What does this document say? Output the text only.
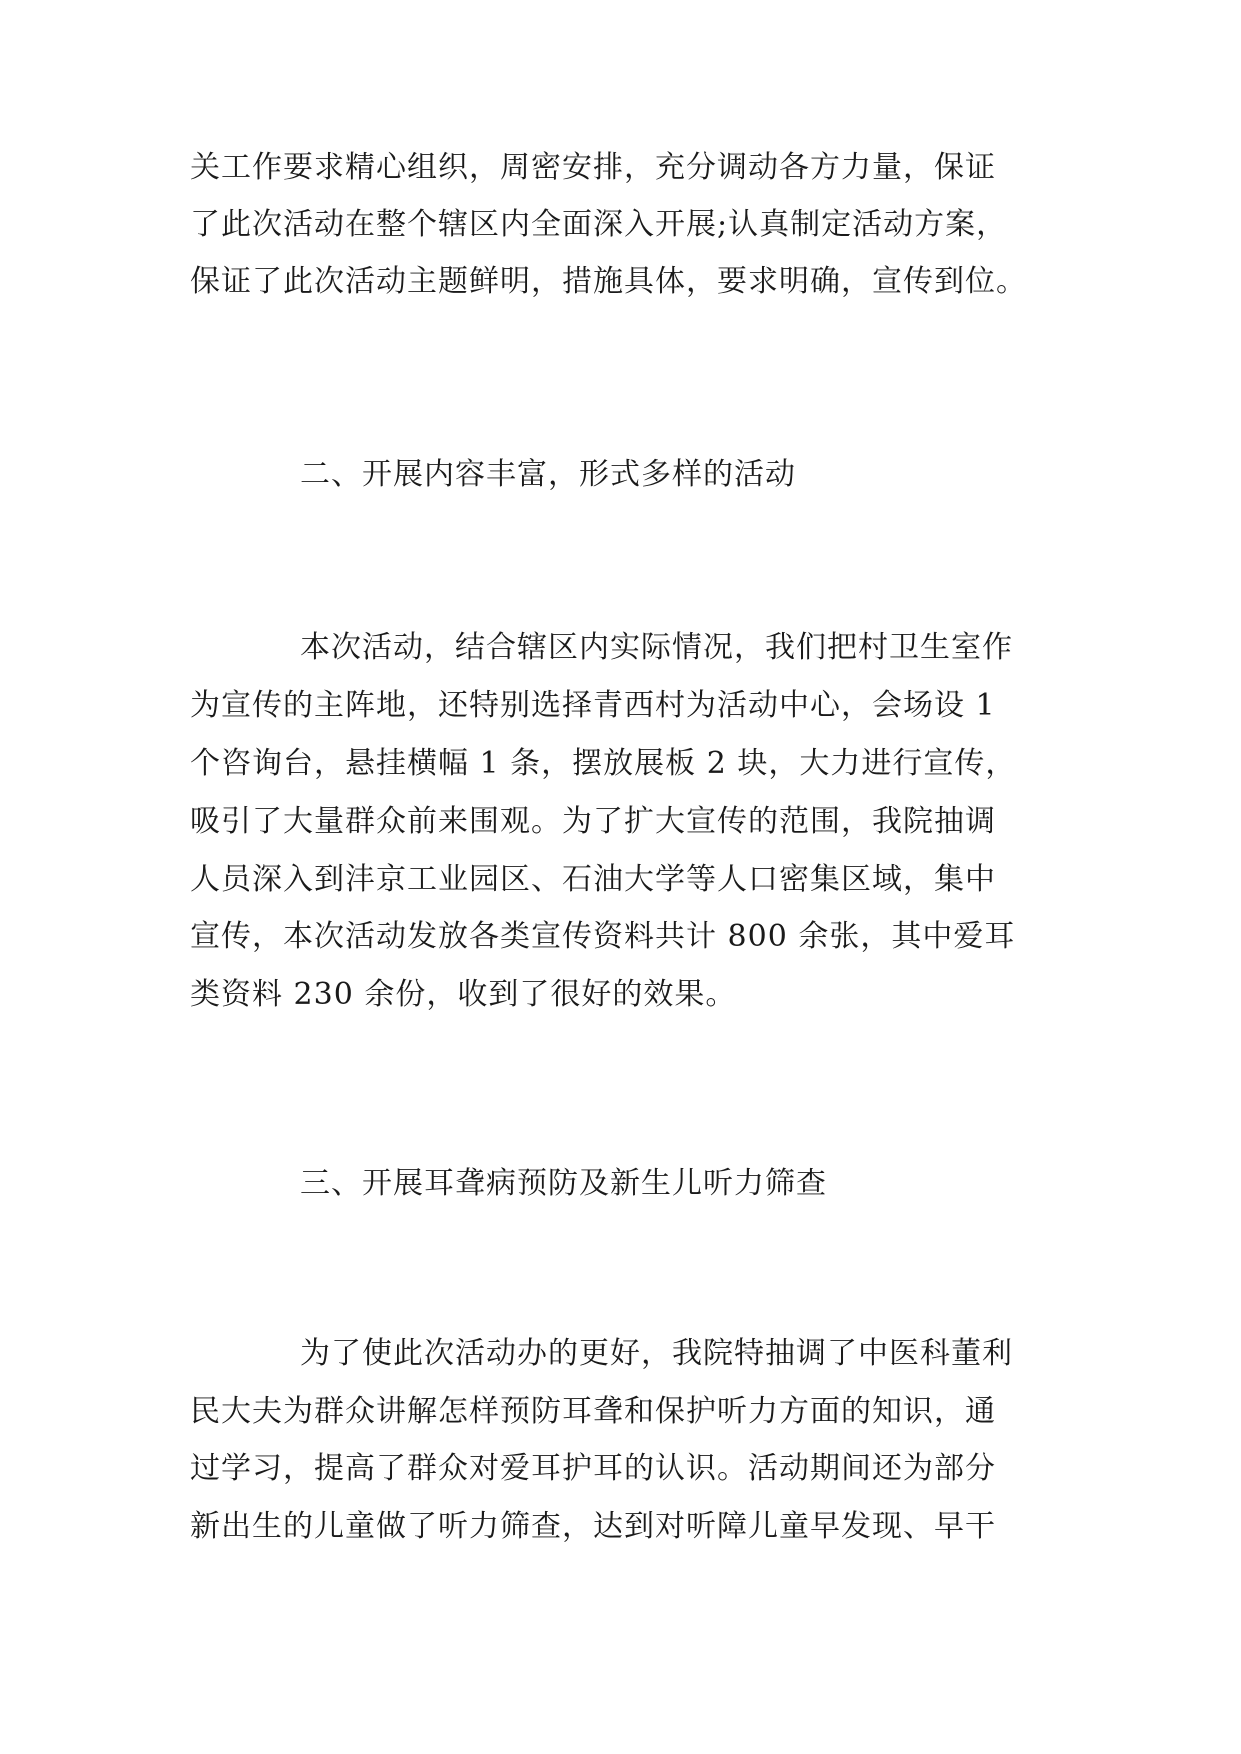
关工作要求精心组织，周密安排，充分调动各方力量，保证
了此次活动在整个辖区内全面深入开展;认真制定活动方案，
保证了此次活动主题鲜明，措施具体，要求明确，宣传到位。
二、开展内容丰富，形式多样的活动
本次活动，结合辖区内实际情况，我们把村卫生室作
为宣传的主阵地，还特别选择青西村为活动中心，会场设 1
个咨询台，悬挂横幅 1 条，摆放展板 2 块，大力进行宣传，
吸引了大量群众前来围观。为了扩大宣传的范围，我院抽调
人员深入到沣京工业园区、石油大学等人口密集区域，集中
宣传，本次活动发放各类宣传资料共计 800 余张，其中爱耳
类资料 230 余份，收到了很好的效果。
三、开展耳聋病预防及新生儿听力筛查
为了使此次活动办的更好，我院特抽调了中医科董利
民大夫为群众讲解怎样预防耳聋和保护听力方面的知识，通
过学习，提高了群众对爱耳护耳的认识。活动期间还为部分
新出生的儿童做了听力筛查，达到对听障儿童早发现、早干
